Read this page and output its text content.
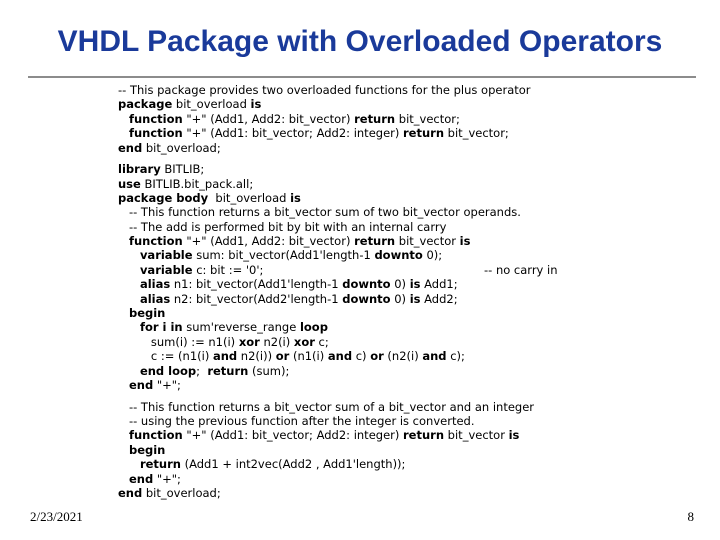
VHDL Package with Overloaded Operators
-- This package provides two overloaded functions for the plus operator
package bit_overload is
function "+" (Add1, Add2: bit_vector) return bit_vector;
function "+" (Add1: bit_vector; Add2: integer) return bit_vector;
end bit_overload;
library BITLIB;
use BITLIB.bit_pack.all;
package body  bit_overload is
-- This function returns a bit_vector sum of two bit_vector operands.
-- The add is performed bit by bit with an internal carry
function "+" (Add1, Add2: bit_vector) return bit_vector is
variable sum: bit_vector(Add1'length-1 downto 0);
variable c: bit := '0';	-- no carry in
alias n1: bit_vector(Add1'length-1 downto 0) is Add1;
alias n2: bit_vector(Add2'length-1 downto 0) is Add2;
begin
for i in sum'reverse_range loop
sum(i) := n1(i) xor n2(i) xor c;
c := (n1(i) and n2(i)) or (n1(i) and c) or (n2(i) and c);
end loop;  return (sum);
end "+";
-- This function returns a bit_vector sum of a bit_vector and an integer
-- using the previous function after the integer is converted.
function "+" (Add1: bit_vector; Add2: integer) return bit_vector is
begin
return (Add1 + int2vec(Add2 , Add1'length));
end "+";
end bit_overload;
2/23/2021	8
